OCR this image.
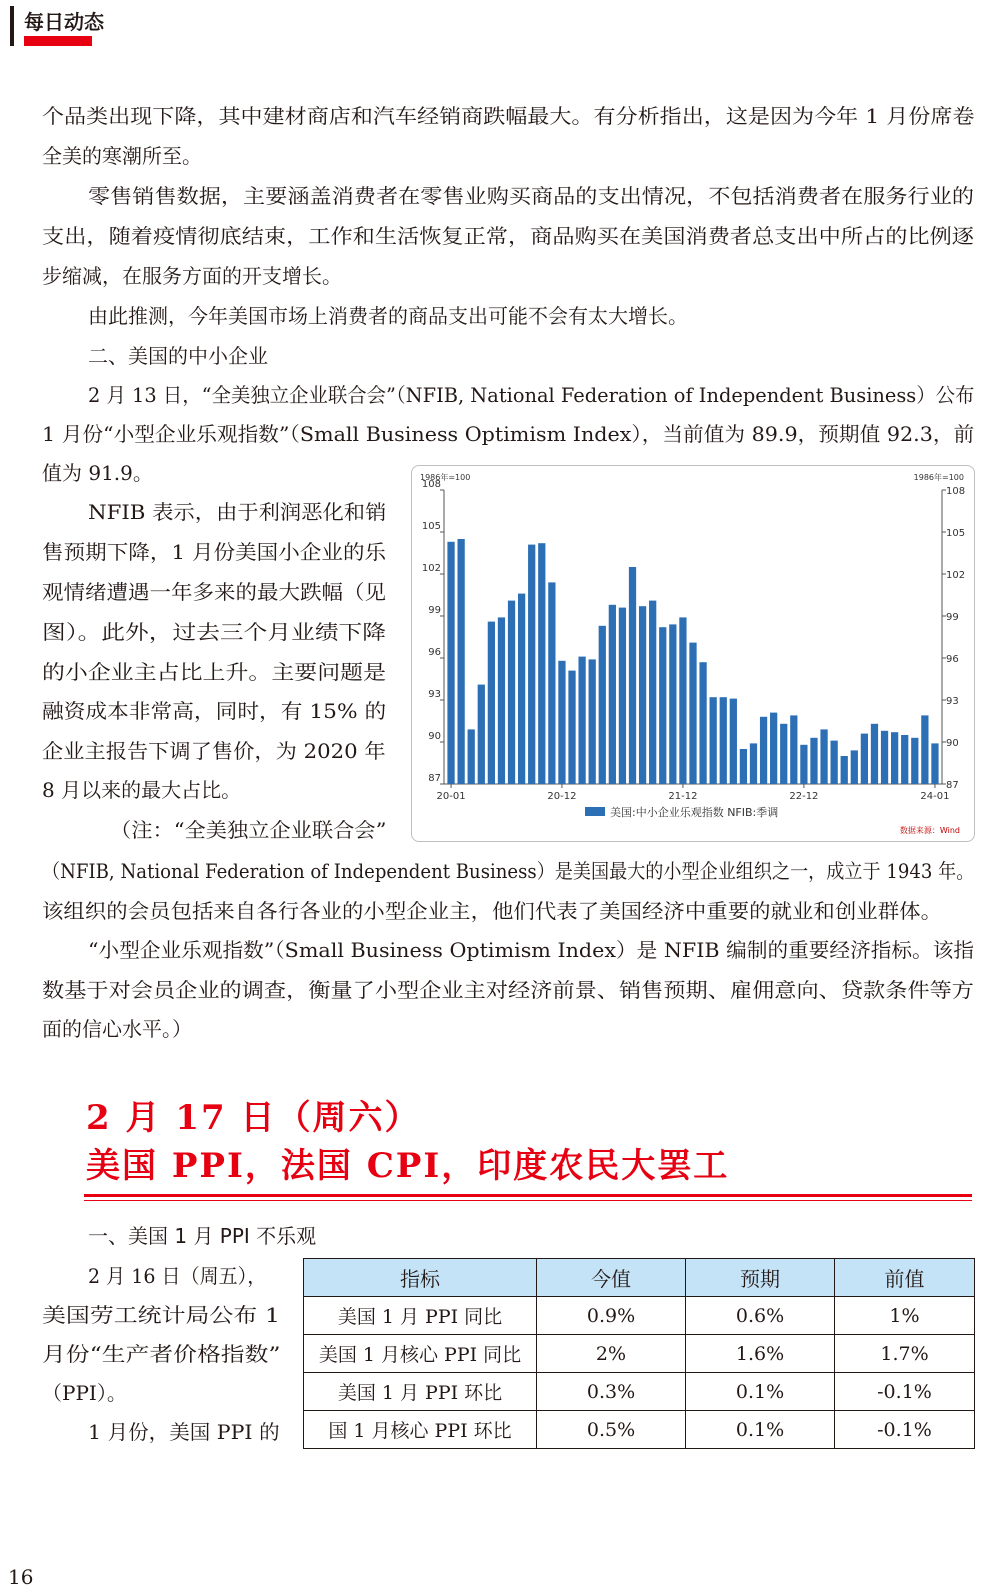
每日动态
个品类出现下降，其中建材商店和汽车经销商跌幅最大。有分析指出，这是因为今年 1 月份席卷
全美的寒潮所至。
零售销售数据，主要涵盖消费者在零售业购买商品的支出情况，不包括消费者在服务行业的
支出，随着疫情彻底结束，工作和生活恢复正常，商品购买在美国消费者总支出中所占的比例逐
步缩减，在服务方面的开支增长。
由此推测，今年美国市场上消费者的商品支出可能不会有太大增长。
二、美国的中小企业
2 月 13 日，“全美独立企业联合会”（NFIB, National Federation of Independent Business）公布
1 月份“小型企业乐观指数”（Small Business Optimism Index），当前值为 89.9，预期值 92.3，前
值为 91.9。
NFIB 表示，由于利润恶化和销
售预期下降，1 月份美国小企业的乐
观情绪遭遇一年多来的最大跌幅（见
图）。此外，过去三个月业绩下降
的小企业主占比上升。主要问题是
融资成本非常高，同时，有 15% 的
企业主报告下调了售价，为 2020 年
8 月以来的最大占比。
（注：“全美独立企业联合会”
（NFIB, National Federation of Independent Business）是美国最大的小型企业组织之一，成立于 1943 年。
该组织的会员包括来自各行各业的小型企业主，他们代表了美国经济中重要的就业和创业群体。
“小型企业乐观指数”（Small Business Optimism Index）是 NFIB 编制的重要经济指标。该指
数基于对会员企业的调查，衡量了小型企业主对经济前景、销售预期、雇佣意向、贷款条件等方
面的信心水平。）
一、美国 1 月 PPI 不乐观
2 月 16 日（周五），
美国劳工统计局公布 1
月份“生产者价格指数”
（PPI）。
1 月份，美国 PPI 的
1986年=100	1986年=100
87
87
90
90
93
93
96
96
99
99
102
102
105
105
108
108
20-01	20-12	21-12	22-12	24-01
美国:中小企业乐观指数 NFIB:季调
数据来源：Wind
2 月 17 日（周六）
美国 PPI，法国 CPI，印度农民大罢工
指标	今值	预期	前值
美国 1 月 PPI 同比	0.9%	0.6%	1%
美国 1 月核心 PPI 同比	2%	1.6%	1.7%
美国 1 月 PPI 环比	0.3%	0.1%	-0.1%
国 1 月核心 PPI 环比	0.5%	0.1%	-0.1%
16
